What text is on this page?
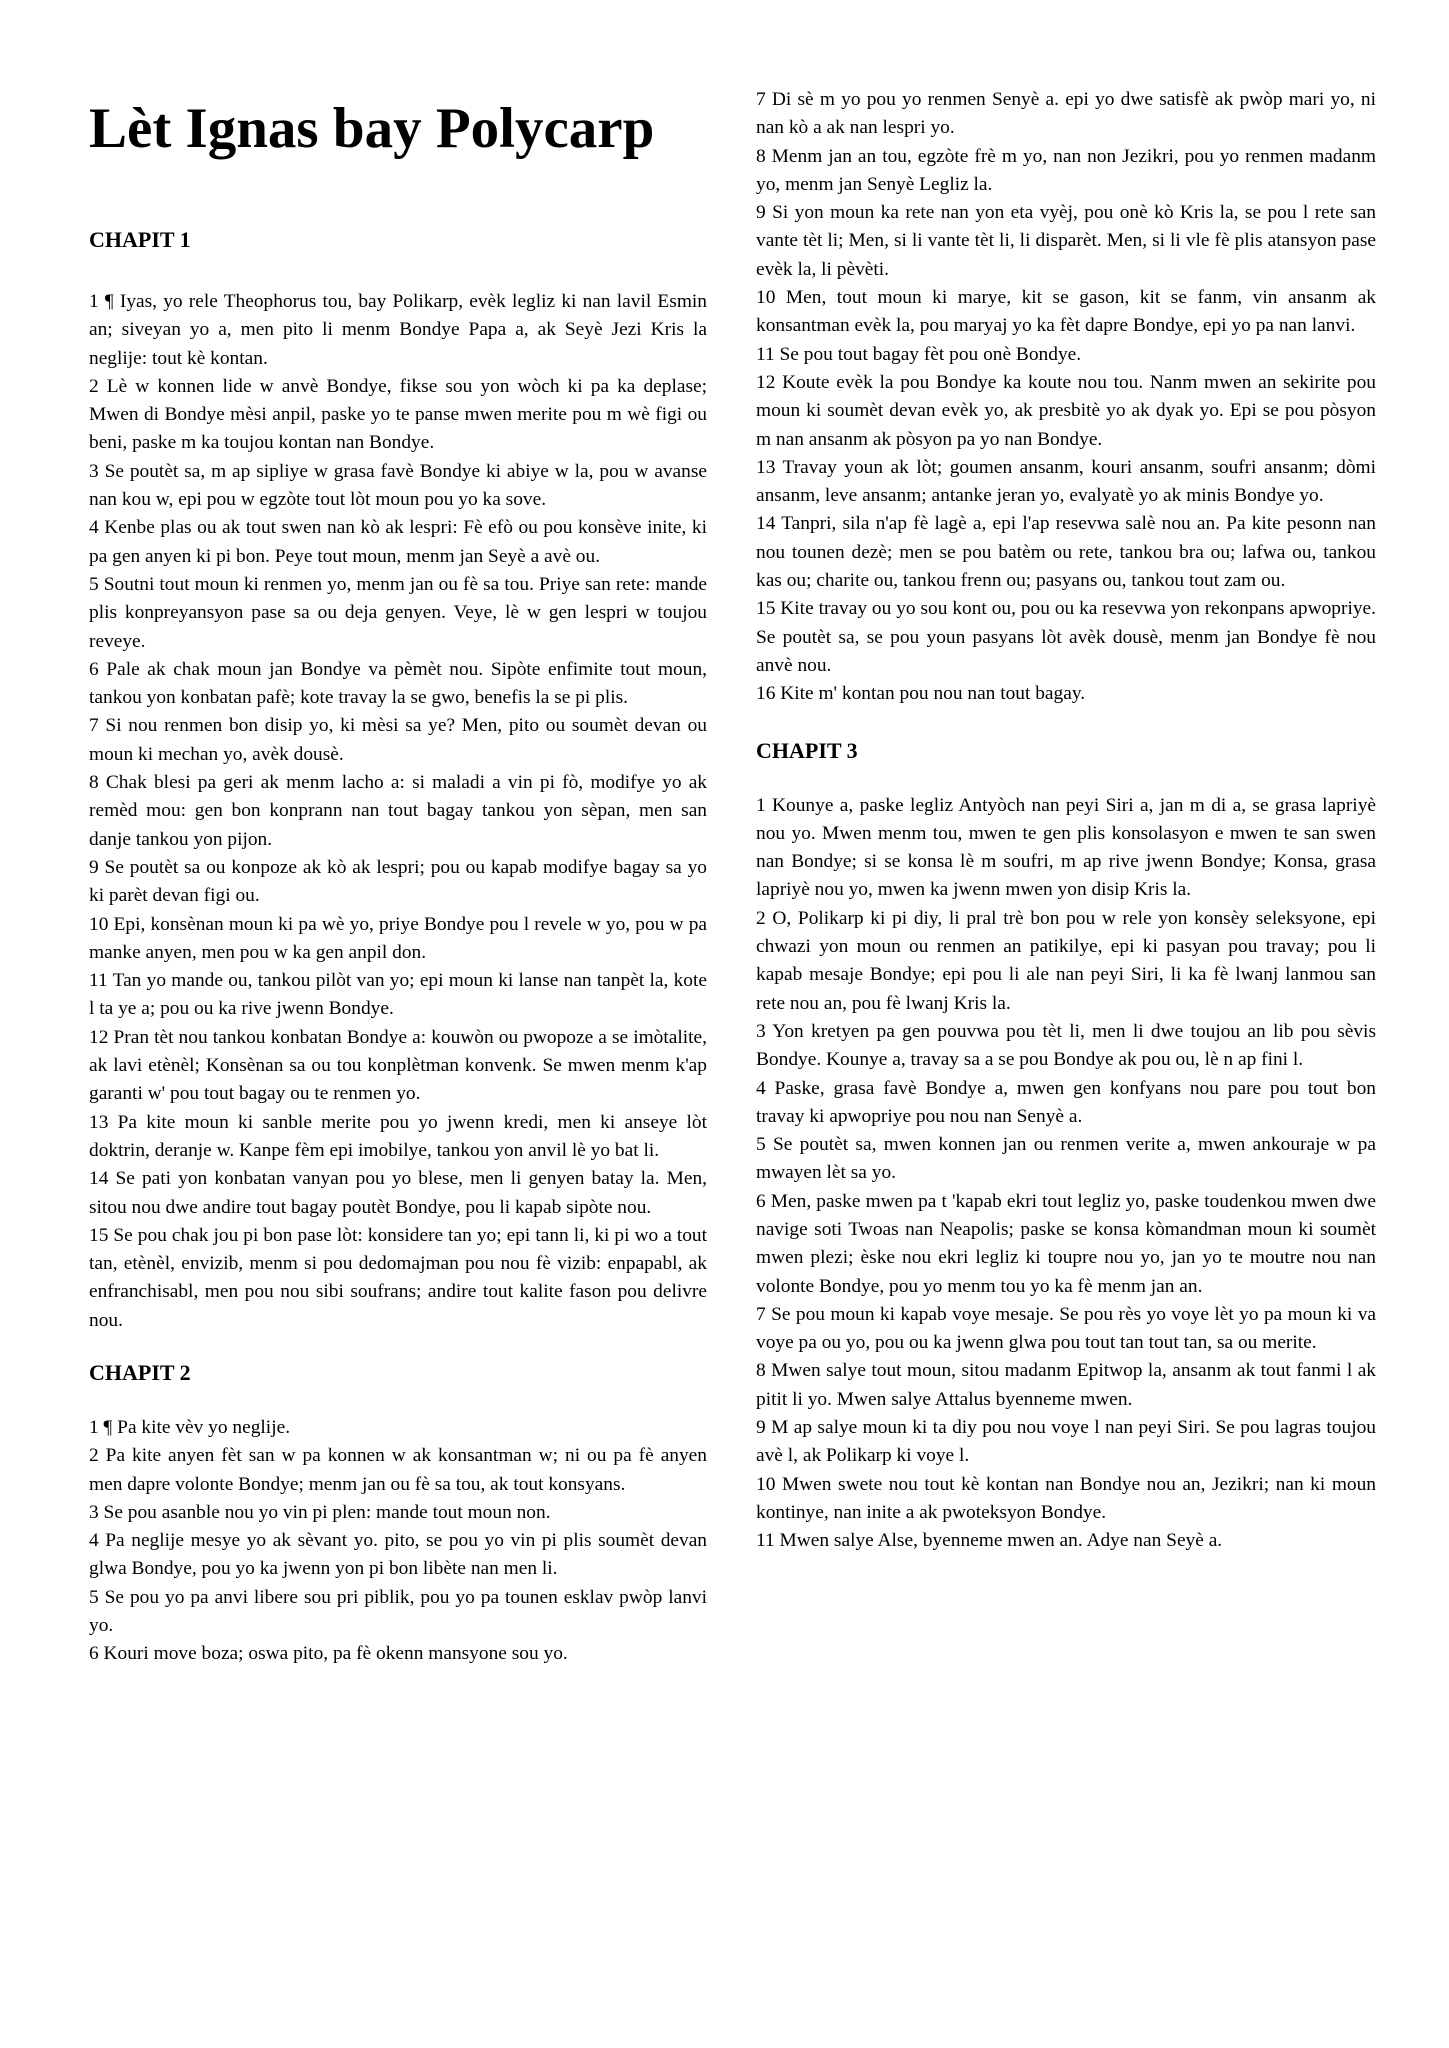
Lèt Ignas bay Polycarp
CHAPIT 1

1 ¶ Iyas, yo rele Theophorus tou, bay Polikarp, evèk legliz ki nan lavil Esmin an; siveyan yo a, men pito li menm Bondye Papa a, ak Seyè Jezi Kris la neglije: tout kè kontan.

2 Lè w konnen lide w anvè Bondye, fikse sou yon wòch ki pa ka deplase; Mwen di Bondye mèsi anpil, paske yo te panse mwen merite pou m wè figi ou beni, paske m ka toujou kontan nan Bondye.

3 Se poutèt sa, m ap sipliye w grasa favè Bondye ki abiye w la, pou w avanse nan kou w, epi pou w egzòte tout lòt moun pou yo ka sove.

4 Kenbe plas ou ak tout swen nan kò ak lespri: Fè efò ou pou konsève inite, ki pa gen anyen ki pi bon. Peye tout moun, menm jan Seyè a avè ou.

5 Soutni tout moun ki renmen yo, menm jan ou fè sa tou. Priye san rete: mande plis konpreyansyon pase sa ou deja genyen. Veye, lè w gen lespri w toujou reveye.

6 Pale ak chak moun jan Bondye va pèmèt nou. Sipòte enfimite tout moun, tankou yon konbatan pafè; kote travay la se gwo, benefis la se pi plis.

7 Si nou renmen bon disip yo, ki mèsi sa ye? Men, pito ou soumèt devan ou moun ki mechan yo, avèk dousè.

8 Chak blesi pa geri ak menm lacho a: si maladi a vin pi fò, modifye yo ak remèd mou: gen bon konprann nan tout bagay tankou yon sèpan, men san danje tankou yon pijon.

9 Se poutèt sa ou konpoze ak kò ak lespri; pou ou kapab modifye bagay sa yo ki parèt devan figi ou.

10 Epi, konsènan moun ki pa wè yo, priye Bondye pou l revele w yo, pou w pa manke anyen, men pou w ka gen anpil don.

11 Tan yo mande ou, tankou pilòt van yo; epi moun ki lanse nan tanpèt la, kote l ta ye a; pou ou ka rive jwenn Bondye.

12 Pran tèt nou tankou konbatan Bondye a: kouwòn ou pwopoze a se imòtalite, ak lavi etènèl; Konsènan sa ou tou konplètman konvenk. Se mwen menm k'ap garanti w' pou tout bagay ou te renmen yo.

13 Pa kite moun ki sanble merite pou yo jwenn kredi, men ki anseye lòt doktrin, deranje w. Kanpe fèm epi imobilye, tankou yon anvil lè yo bat li.

14 Se pati yon konbatan vanyan pou yo blese, men li genyen batay la. Men, sitou nou dwe andire tout bagay poutèt Bondye, pou li kapab sipòte nou.

15 Se pou chak jou pi bon pase lòt: konsidere tan yo; epi tann li, ki pi wo a tout tan, etènèl, envizib, menm si pou dedomajman pou nou fè vizib: enpapabl, ak enfranchisabl, men pou nou sibi soufrans; andire tout kalite fason pou delivre nou.

CHAPIT 2

1 ¶ Pa kite vèv yo neglije.

2 Pa kite anyen fèt san w pa konnen w ak konsantman w; ni ou pa fè anyen men dapre volonte Bondye; menm jan ou fè sa tou, ak tout konsyans.

3 Se pou asanble nou yo vin pi plen: mande tout moun non.

4 Pa neglije mesye yo ak sèvant yo. pito, se pou yo vin pi plis soumèt devan glwa Bondye, pou yo ka jwenn yon pi bon libète nan men li.

5 Se pou yo pa anvi libere sou pri piblik, pou yo pa tounen esklav pwòp lanvi yo.

6 Kouri move boza; oswa pito, pa fè okenn mansyone sou yo.

7 Di sè m yo pou yo renmen Senyè a. epi yo dwe satisfè ak pwòp mari yo, ni nan kò a ak nan lespri yo.

8 Menm jan an tou, egzòte frè m yo, nan non Jezikri, pou yo renmen madanm yo, menm jan Senyè Legliz la.

9 Si yon moun ka rete nan yon eta vyèj, pou onè kò Kris la, se pou l rete san vante tèt li; Men, si li vante tèt li, li disparèt. Men, si li vle fè plis atansyon pase evèk la, li pèvèti.

10 Men, tout moun ki marye, kit se gason, kit se fanm, vin ansanm ak konsantman evèk la, pou maryaj yo ka fèt dapre Bondye, epi yo pa nan lanvi.

11 Se pou tout bagay fèt pou onè Bondye.

12 Koute evèk la pou Bondye ka koute nou tou. Nanm mwen an sekirite pou moun ki soumèt devan evèk yo, ak presbitè yo ak dyak yo. Epi se pou pòsyon m nan ansanm ak pòsyon pa yo nan Bondye.

13 Travay youn ak lòt; goumen ansanm, kouri ansanm, soufri ansanm; dòmi ansanm, leve ansanm; antanke jeran yo, evalyatè yo ak minis Bondye yo.

14 Tanpri, sila n'ap fè lagè a, epi l'ap resevwa salè nou an. Pa kite pesonn nan nou tounen dezè; men se pou batèm ou rete, tankou bra ou; lafwa ou, tankou kas ou; charite ou, tankou frenn ou; pasyans ou, tankou tout zam ou.

15 Kite travay ou yo sou kont ou, pou ou ka resevwa yon rekonpans apwopriye. Se poutèt sa, se pou youn pasyans lòt avèk dousè, menm jan Bondye fè nou anvè nou.

16 Kite m' kontan pou nou nan tout bagay.

CHAPIT 3

1 Kounye a, paske legliz Antyòch nan peyi Siri a, jan m di a, se grasa lapriyè nou yo. Mwen menm tou, mwen te gen plis konsolasyon e mwen te san swen nan Bondye; si se konsa lè m soufri, m ap rive jwenn Bondye; Konsa, grasa lapriyè nou yo, mwen ka jwenn mwen yon disip Kris la.

2 O, Polikarp ki pi diy, li pral trè bon pou w rele yon konsèy seleksyone, epi chwazi yon moun ou renmen an patikilye, epi ki pasyan pou travay; pou li kapab mesaje Bondye; epi pou li ale nan peyi Siri, li ka fè lwanj lanmou san rete nou an, pou fè lwanj Kris la.

3 Yon kretyen pa gen pouvwa pou tèt li, men li dwe toujou an lib pou sèvis Bondye. Kounye a, travay sa a se pou Bondye ak pou ou, lè n ap fini l.

4 Paske, grasa favè Bondye a, mwen gen konfyans nou pare pou tout bon travay ki apwopriye pou nou nan Senyè a.

5 Se poutèt sa, mwen konnen jan ou renmen verite a, mwen ankouraje w pa mwayen lèt sa yo.

6 Men, paske mwen pa t 'kapab ekri tout legliz yo, paske toudenkou mwen dwe navige soti Twoas nan Neapolis; paske se konsa kòmandman moun ki soumèt mwen plezi; èske nou ekri legliz ki toupre nou yo, jan yo te moutre nou nan volonte Bondye, pou yo menm tou yo ka fè menm jan an.

7 Se pou moun ki kapab voye mesaje. Se pou rès yo voye lèt yo pa moun ki va voye pa ou yo, pou ou ka jwenn glwa pou tout tan tout tan, sa ou merite.

8 Mwen salye tout moun, sitou madanm Epitwop la, ansanm ak tout fanmi l ak pitit li yo. Mwen salye Attalus byenneme mwen.

9 M ap salye moun ki ta diy pou nou voye l nan peyi Siri. Se pou lagras toujou avè l, ak Polikarp ki voye l.

10 Mwen swete nou tout kè kontan nan Bondye nou an, Jezikri; nan ki moun kontinye, nan inite a ak pwoteksyon Bondye.

11 Mwen salye Alse, byenneme mwen an. Adye nan Seyè a.
